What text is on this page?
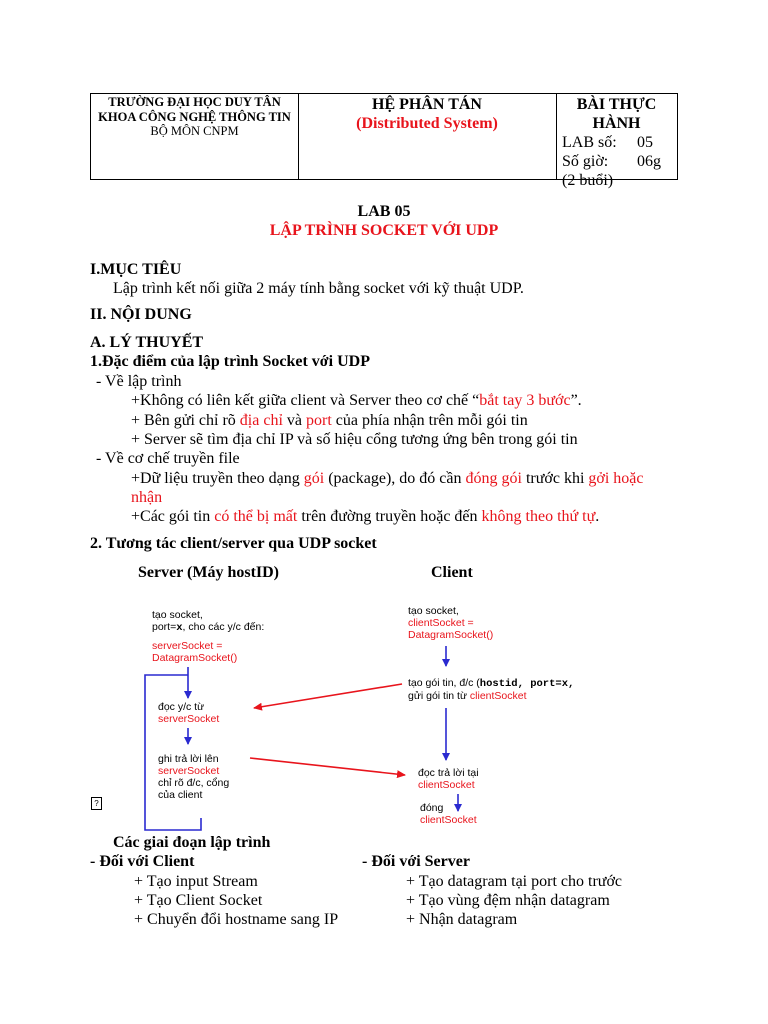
TRƯỜNG ĐẠI HỌC DUY TÂN
KHOA CÔNG NGHỆ THÔNG TIN
BỘ MÔN CNPM
HỆ PHÂN TÁN
(Distributed System)
BÀI THỰC HÀNH
LAB số: 05
Số giờ: 06g (2 buổi)
LAB 05
LẬP TRÌNH SOCKET VỚI UDP
I.MỤC TIÊU
Lập trình kết nối giữa 2 máy tính bằng socket với kỹ thuật UDP.
II. NỘI DUNG
A. LÝ THUYẾT
1.Đặc điểm của lập trình Socket với UDP
- Về lập trình
+Không có liên kết giữa client và Server theo cơ chế “bắt tay 3 bước”.
+ Bên gửi chỉ rõ địa chỉ và port của phía nhận trên mỗi gói tin
+ Server sẽ tìm địa chỉ IP và số hiệu cổng tương ứng bên trong gói tin
- Về cơ chế truyền file
+Dữ liệu truyền theo dạng gói (package), do đó cần đóng gói trước khi gởi hoặc
nhận
+Các gói tin có thể bị mất trên đường truyền hoặc đến không theo thứ tự.
2. Tương tác client/server qua UDP socket
Server (Máy hostID)	Client
tạo socket,
port=x, cho các y/c đến:
serverSocket =
DatagramSocket()
đọc y/c từ
serverSocket
ghi trả lời lên
serverSocket
chỉ rõ đ/c, cổng
của client
?
tạo socket,
clientSocket =
DatagramSocket()
tạo gói tin, đ/c (hostid, port=x,
gửi gói tin từ clientSocket
đọc trả lời tại
clientSocket
đóng
clientSocket
Các giai đoạn lập trình
- Đối với Client
+ Tạo input Stream
+ Tạo Client Socket
+ Chuyển đổi hostname sang IP
- Đối với Server
+ Tạo datagram tại port cho trước
+ Tạo vùng đệm nhận datagram
+ Nhận datagram
